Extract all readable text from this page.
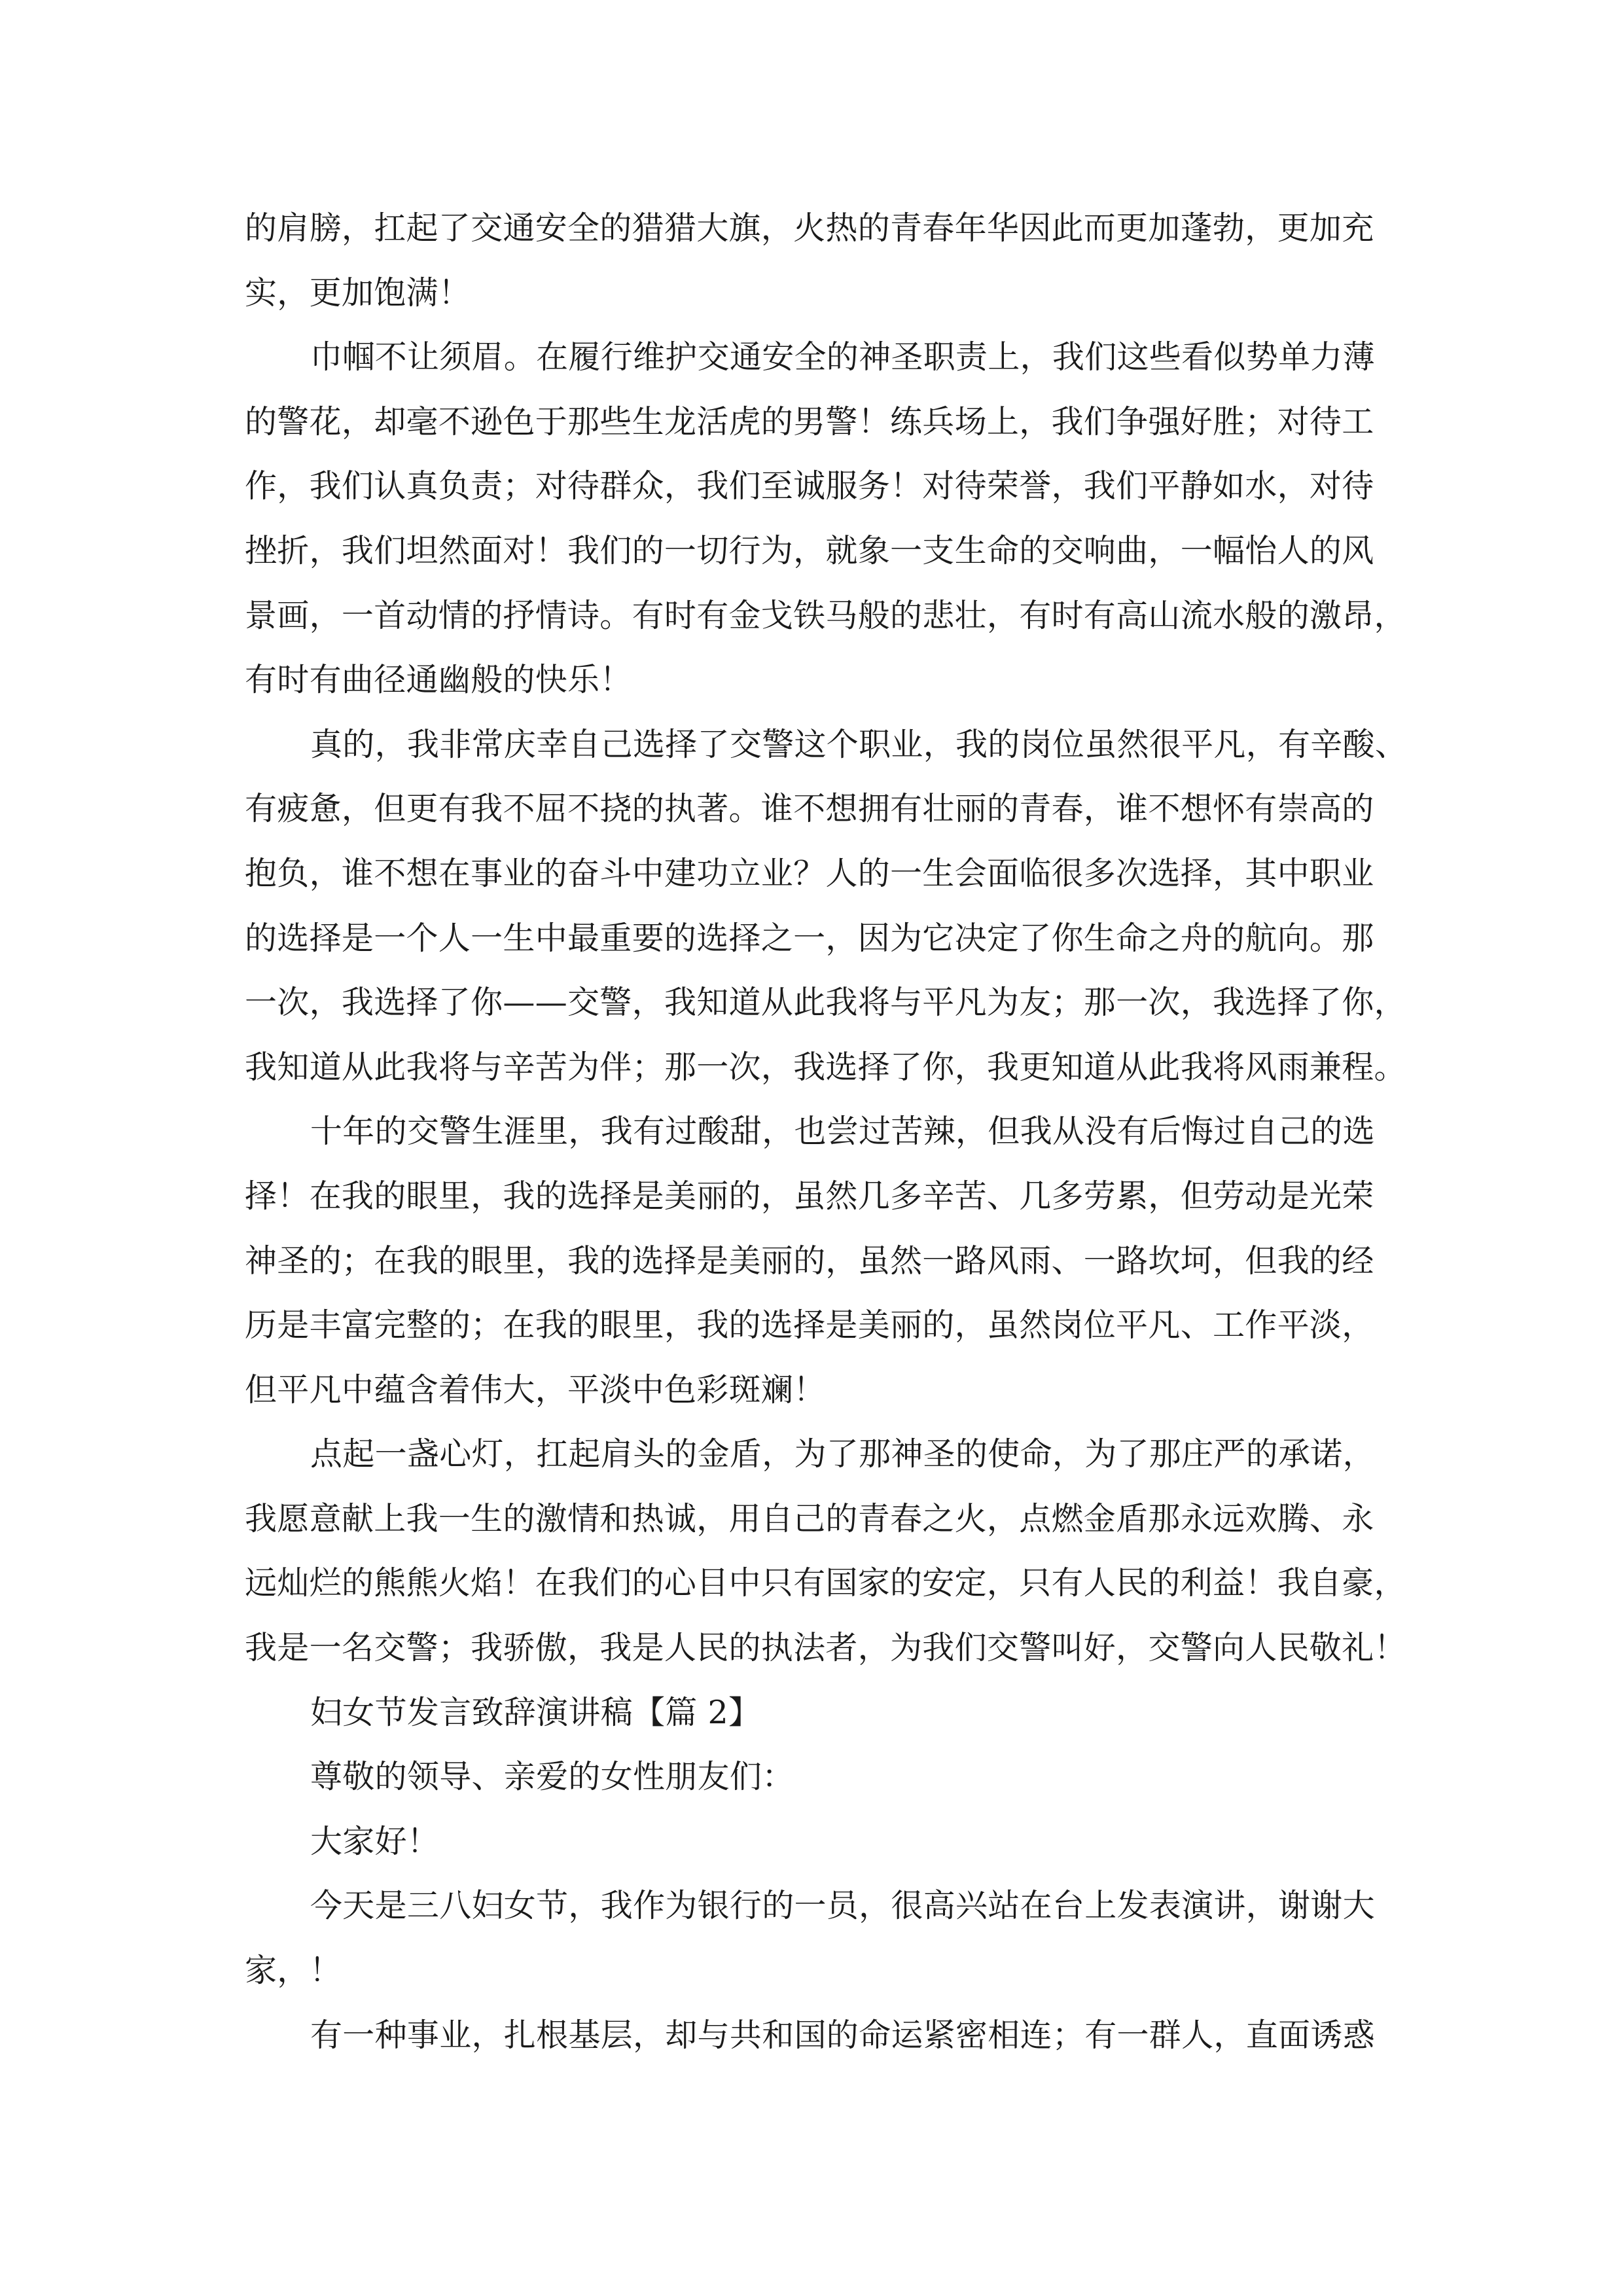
的肩膀，扛起了交通安全的猎猎大旗，火热的青春年华因此而更加蓬勃，更加充
实，更加饱满！
巾帼不让须眉。在履行维护交通安全的神圣职责上，我们这些看似势单力薄
的警花，却毫不逊色于那些生龙活虎的男警！练兵场上，我们争强好胜；对待工
作，我们认真负责；对待群众，我们至诚服务！对待荣誉，我们平静如水，对待
挫折，我们坦然面对！我们的一切行为，就象一支生命的交响曲，一幅怡人的风
景画，一首动情的抒情诗。有时有金戈铁马般的悲壮，有时有高山流水般的激昂，
有时有曲径通幽般的快乐！
真的，我非常庆幸自己选择了交警这个职业，我的岗位虽然很平凡，有辛酸、
有疲惫，但更有我不屈不挠的执著。谁不想拥有壮丽的青春，谁不想怀有崇高的
抱负，谁不想在事业的奋斗中建功立业？人的一生会面临很多次选择，其中职业
的选择是一个人一生中最重要的选择之一，因为它决定了你生命之舟的航向。那
一次，我选择了你——交警，我知道从此我将与平凡为友；那一次，我选择了你，
我知道从此我将与辛苦为伴；那一次，我选择了你，我更知道从此我将风雨兼程。
十年的交警生涯里，我有过酸甜，也尝过苦辣，但我从没有后悔过自己的选
择！在我的眼里，我的选择是美丽的，虽然几多辛苦、几多劳累，但劳动是光荣
神圣的；在我的眼里，我的选择是美丽的，虽然一路风雨、一路坎坷，但我的经
历是丰富完整的；在我的眼里，我的选择是美丽的，虽然岗位平凡、工作平淡，
但平凡中蕴含着伟大，平淡中色彩斑斓！
点起一盏心灯，扛起肩头的金盾，为了那神圣的使命，为了那庄严的承诺，
我愿意献上我一生的激情和热诚，用自己的青春之火，点燃金盾那永远欢腾、永
远灿烂的熊熊火焰！在我们的心目中只有国家的安定，只有人民的利益！我自豪，
我是一名交警；我骄傲，我是人民的执法者，为我们交警叫好，交警向人民敬礼！
妇女节发言致辞演讲稿【篇 2】
尊敬的领导、亲爱的女性朋友们：
大家好！
今天是三八妇女节，我作为银行的一员，很高兴站在台上发表演讲，谢谢大
家，！
有一种事业，扎根基层，却与共和国的命运紧密相连；有一群人，直面诱惑
